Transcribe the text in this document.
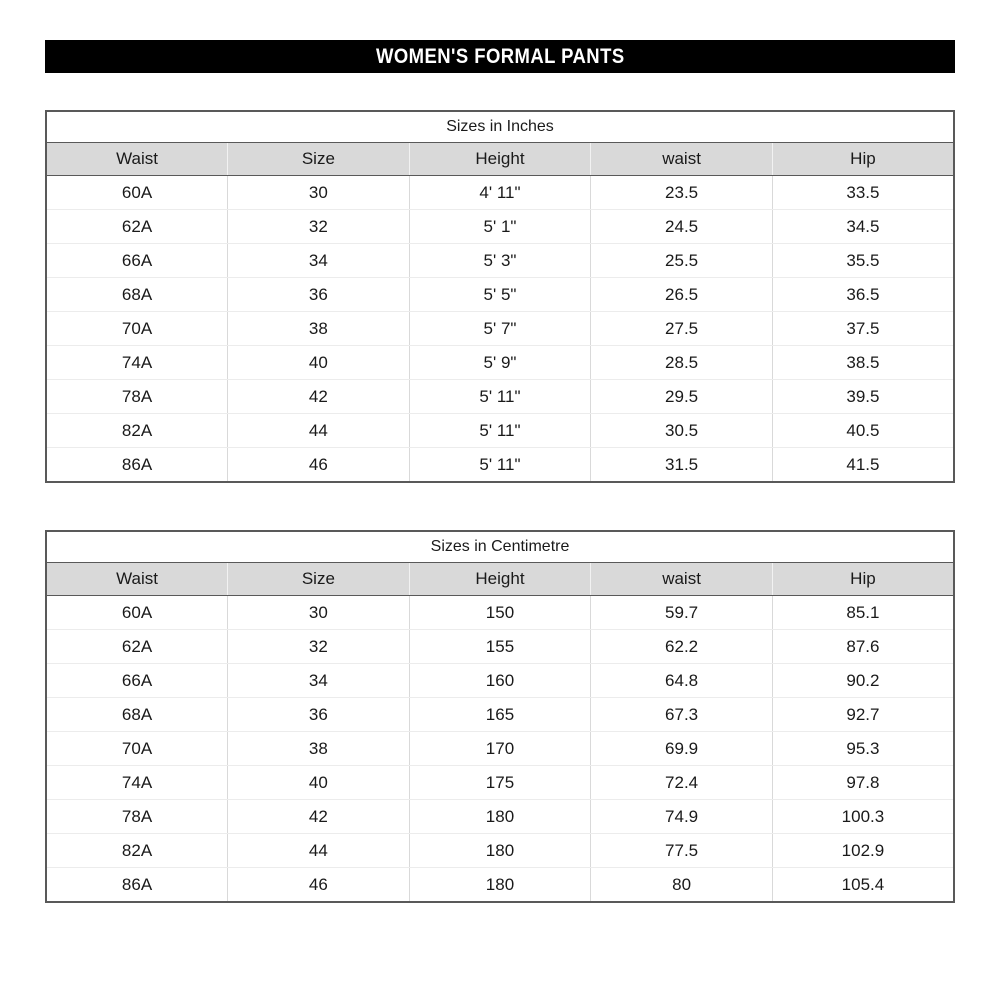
WOMEN'S FORMAL PANTS
Sizes in Inches				
Waist	Size	Height	waist	Hip
60A	30	4' 11"	23.5	33.5
62A	32	5' 1"	24.5	34.5
66A	34	5' 3"	25.5	35.5
68A	36	5' 5"	26.5	36.5
70A	38	5' 7"	27.5	37.5
74A	40	5' 9"	28.5	38.5
78A	42	5' 11"	29.5	39.5
82A	44	5' 11"	30.5	40.5
86A	46	5' 11"	31.5	41.5
Sizes in Centimetre				
Waist	Size	Height	waist	Hip
60A	30	150	59.7	85.1
62A	32	155	62.2	87.6
66A	34	160	64.8	90.2
68A	36	165	67.3	92.7
70A	38	170	69.9	95.3
74A	40	175	72.4	97.8
78A	42	180	74.9	100.3
82A	44	180	77.5	102.9
86A	46	180	80	105.4
